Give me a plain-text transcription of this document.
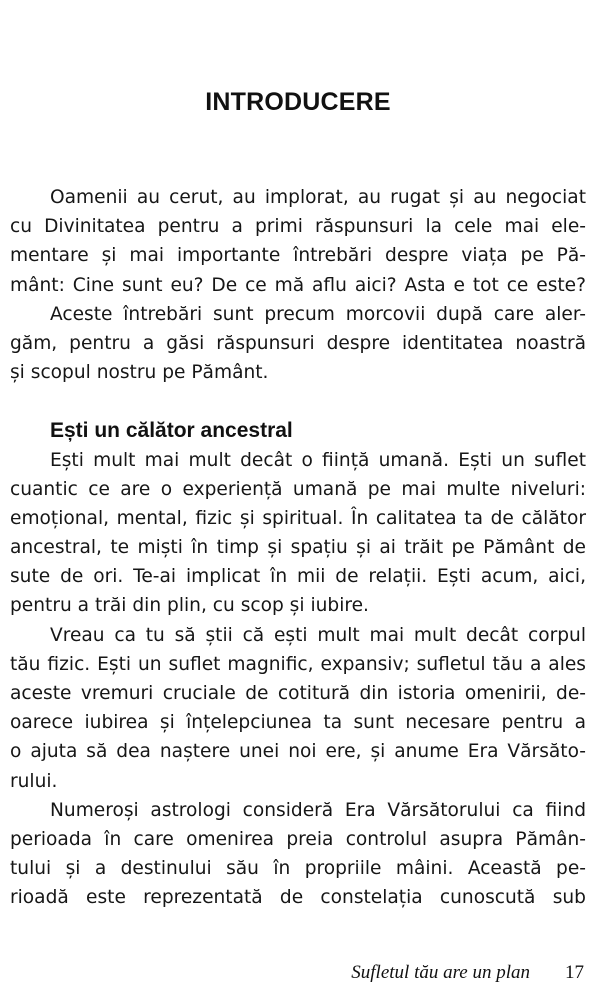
INTRODUCERE
Oamenii au cerut, au implorat, au rugat și au negociat
cu Divinitatea pentru a primi răspunsuri la cele mai ele-
mentare și mai importante întrebări despre viața pe Pă-
mânt: Cine sunt eu? De ce mă aflu aici? Asta e tot ce este?
Aceste întrebări sunt precum morcovii după care aler-
găm, pentru a găsi răspunsuri despre identitatea noastră
și scopul nostru pe Pământ.
Ești un călător ancestral
Ești mult mai mult decât o ființă umană. Ești un suflet
cuantic ce are o experiență umană pe mai multe niveluri:
emoțional, mental, fizic și spiritual. În calitatea ta de călător
ancestral, te miști în timp și spațiu și ai trăit pe Pământ de
sute de ori. Te-ai implicat în mii de relații. Ești acum, aici,
pentru a trăi din plin, cu scop și iubire.
Vreau ca tu să știi că ești mult mai mult decât corpul
tău fizic. Ești un suflet magnific, expansiv; sufletul tău a ales
aceste vremuri cruciale de cotitură din istoria omenirii, de-
oarece iubirea și înțelepciunea ta sunt necesare pentru a
o ajuta să dea naștere unei noi ere, și anume Era Vărsăto-
rului.
Numeroși astrologi consideră Era Vărsătorului ca fiind
perioada în care omenirea preia controlul asupra Pămân-
tului și a destinului său în propriile mâini. Această pe-
rioadă este reprezentată de constelația cunoscută sub
Sufletul tău are un plan 17
